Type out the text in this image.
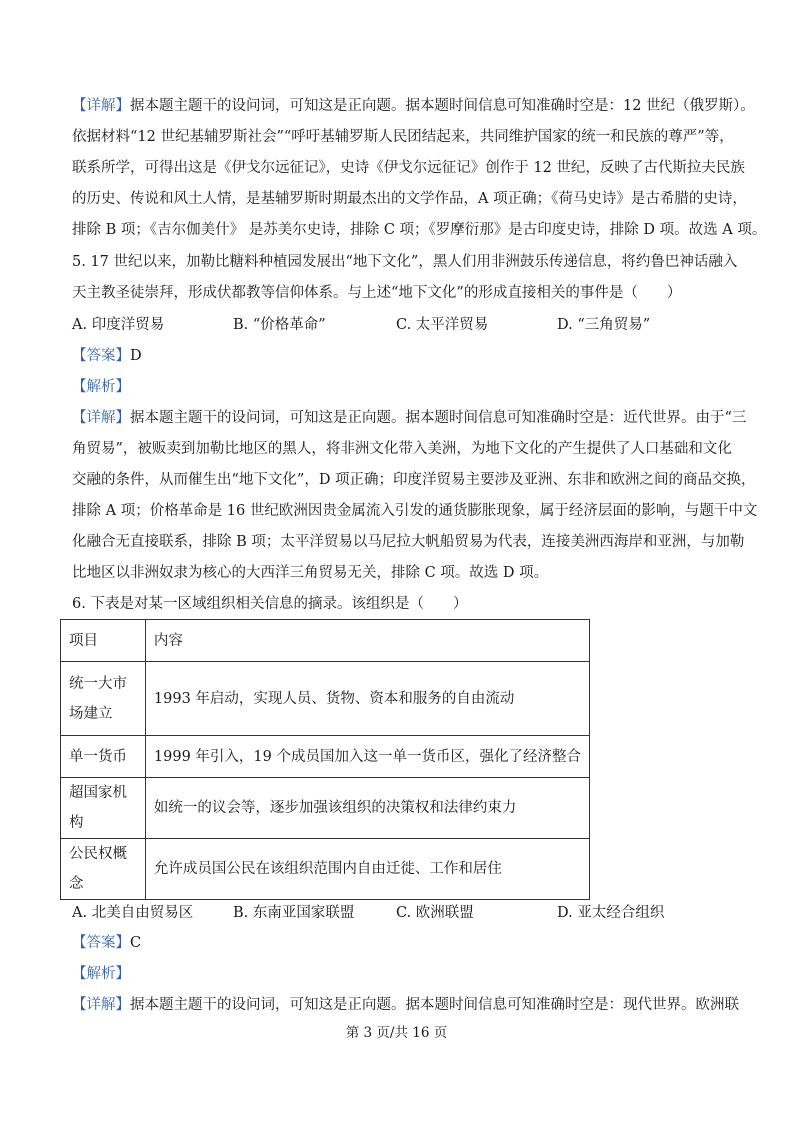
【详解】据本题主题干的设问词，可知这是正向题。据本题时间信息可知准确时空是：12 世纪（俄罗斯）。
依据材料“12 世纪基辅罗斯社会”“呼吁基辅罗斯人民团结起来，共同维护国家的统一和民族的尊严”等，
联系所学，可得出这是《伊戈尔远征记》，史诗《伊戈尔远征记》创作于 12 世纪，反映了古代斯拉夫民族
的历史、传说和风土人情，是基辅罗斯时期最杰出的文学作品，A 项正确；《荷马史诗》是古希腊的史诗，
排除 B 项；《吉尔伽美什》 是苏美尔史诗，排除 C 项；《罗摩衍那》是古印度史诗，排除 D 项。故选 A 项。
5. 17 世纪以来，加勒比糖料种植园发展出“地下文化”，黑人们用非洲鼓乐传递信息，将约鲁巴神话融入
天主教圣徒崇拜，形成伏都教等信仰体系。与上述“地下文化”的形成直接相关的事件是（　　）
A. 印度洋贸易	B. “价格革命”	C. 太平洋贸易	D. “三角贸易”
【答案】D
【解析】
【详解】据本题主题干的设问词，可知这是正向题。据本题时间信息可知准确时空是：近代世界。由于“三
角贸易”，被贩卖到加勒比地区的黑人，将非洲文化带入美洲，为地下文化的产生提供了人口基础和文化
交融的条件，从而催生出“地下文化”，D 项正确；印度洋贸易主要涉及亚洲、东非和欧洲之间的商品交换，
排除 A 项；价格革命是 16 世纪欧洲因贵金属流入引发的通货膨胀现象，属于经济层面的影响，与题干中文
化融合无直接联系，排除 B 项；太平洋贸易以马尼拉大帆船贸易为代表，连接美洲西海岸和亚洲，与加勒
比地区以非洲奴隶为核心的大西洋三角贸易无关，排除 C 项。故选 D 项。
6. 下表是对某一区域组织相关信息的摘录。该组织是（　　）
项目	内容
统一大市场建立	1993 年启动，实现人员、货物、资本和服务的自由流动
单一货币	1999 年引入，19 个成员国加入这一单一货币区，强化了经济整合
超国家机构	如统一的议会等，逐步加强该组织的决策权和法律约束力
公民权概念	允许成员国公民在该组织范围内自由迁徙、工作和居住
A. 北美自由贸易区	B. 东南亚国家联盟	C. 欧洲联盟	D. 亚太经合组织
【答案】C
【解析】
【详解】据本题主题干的设问词，可知这是正向题。据本题时间信息可知准确时空是：现代世界。欧洲联
第 3 页/共 16 页
